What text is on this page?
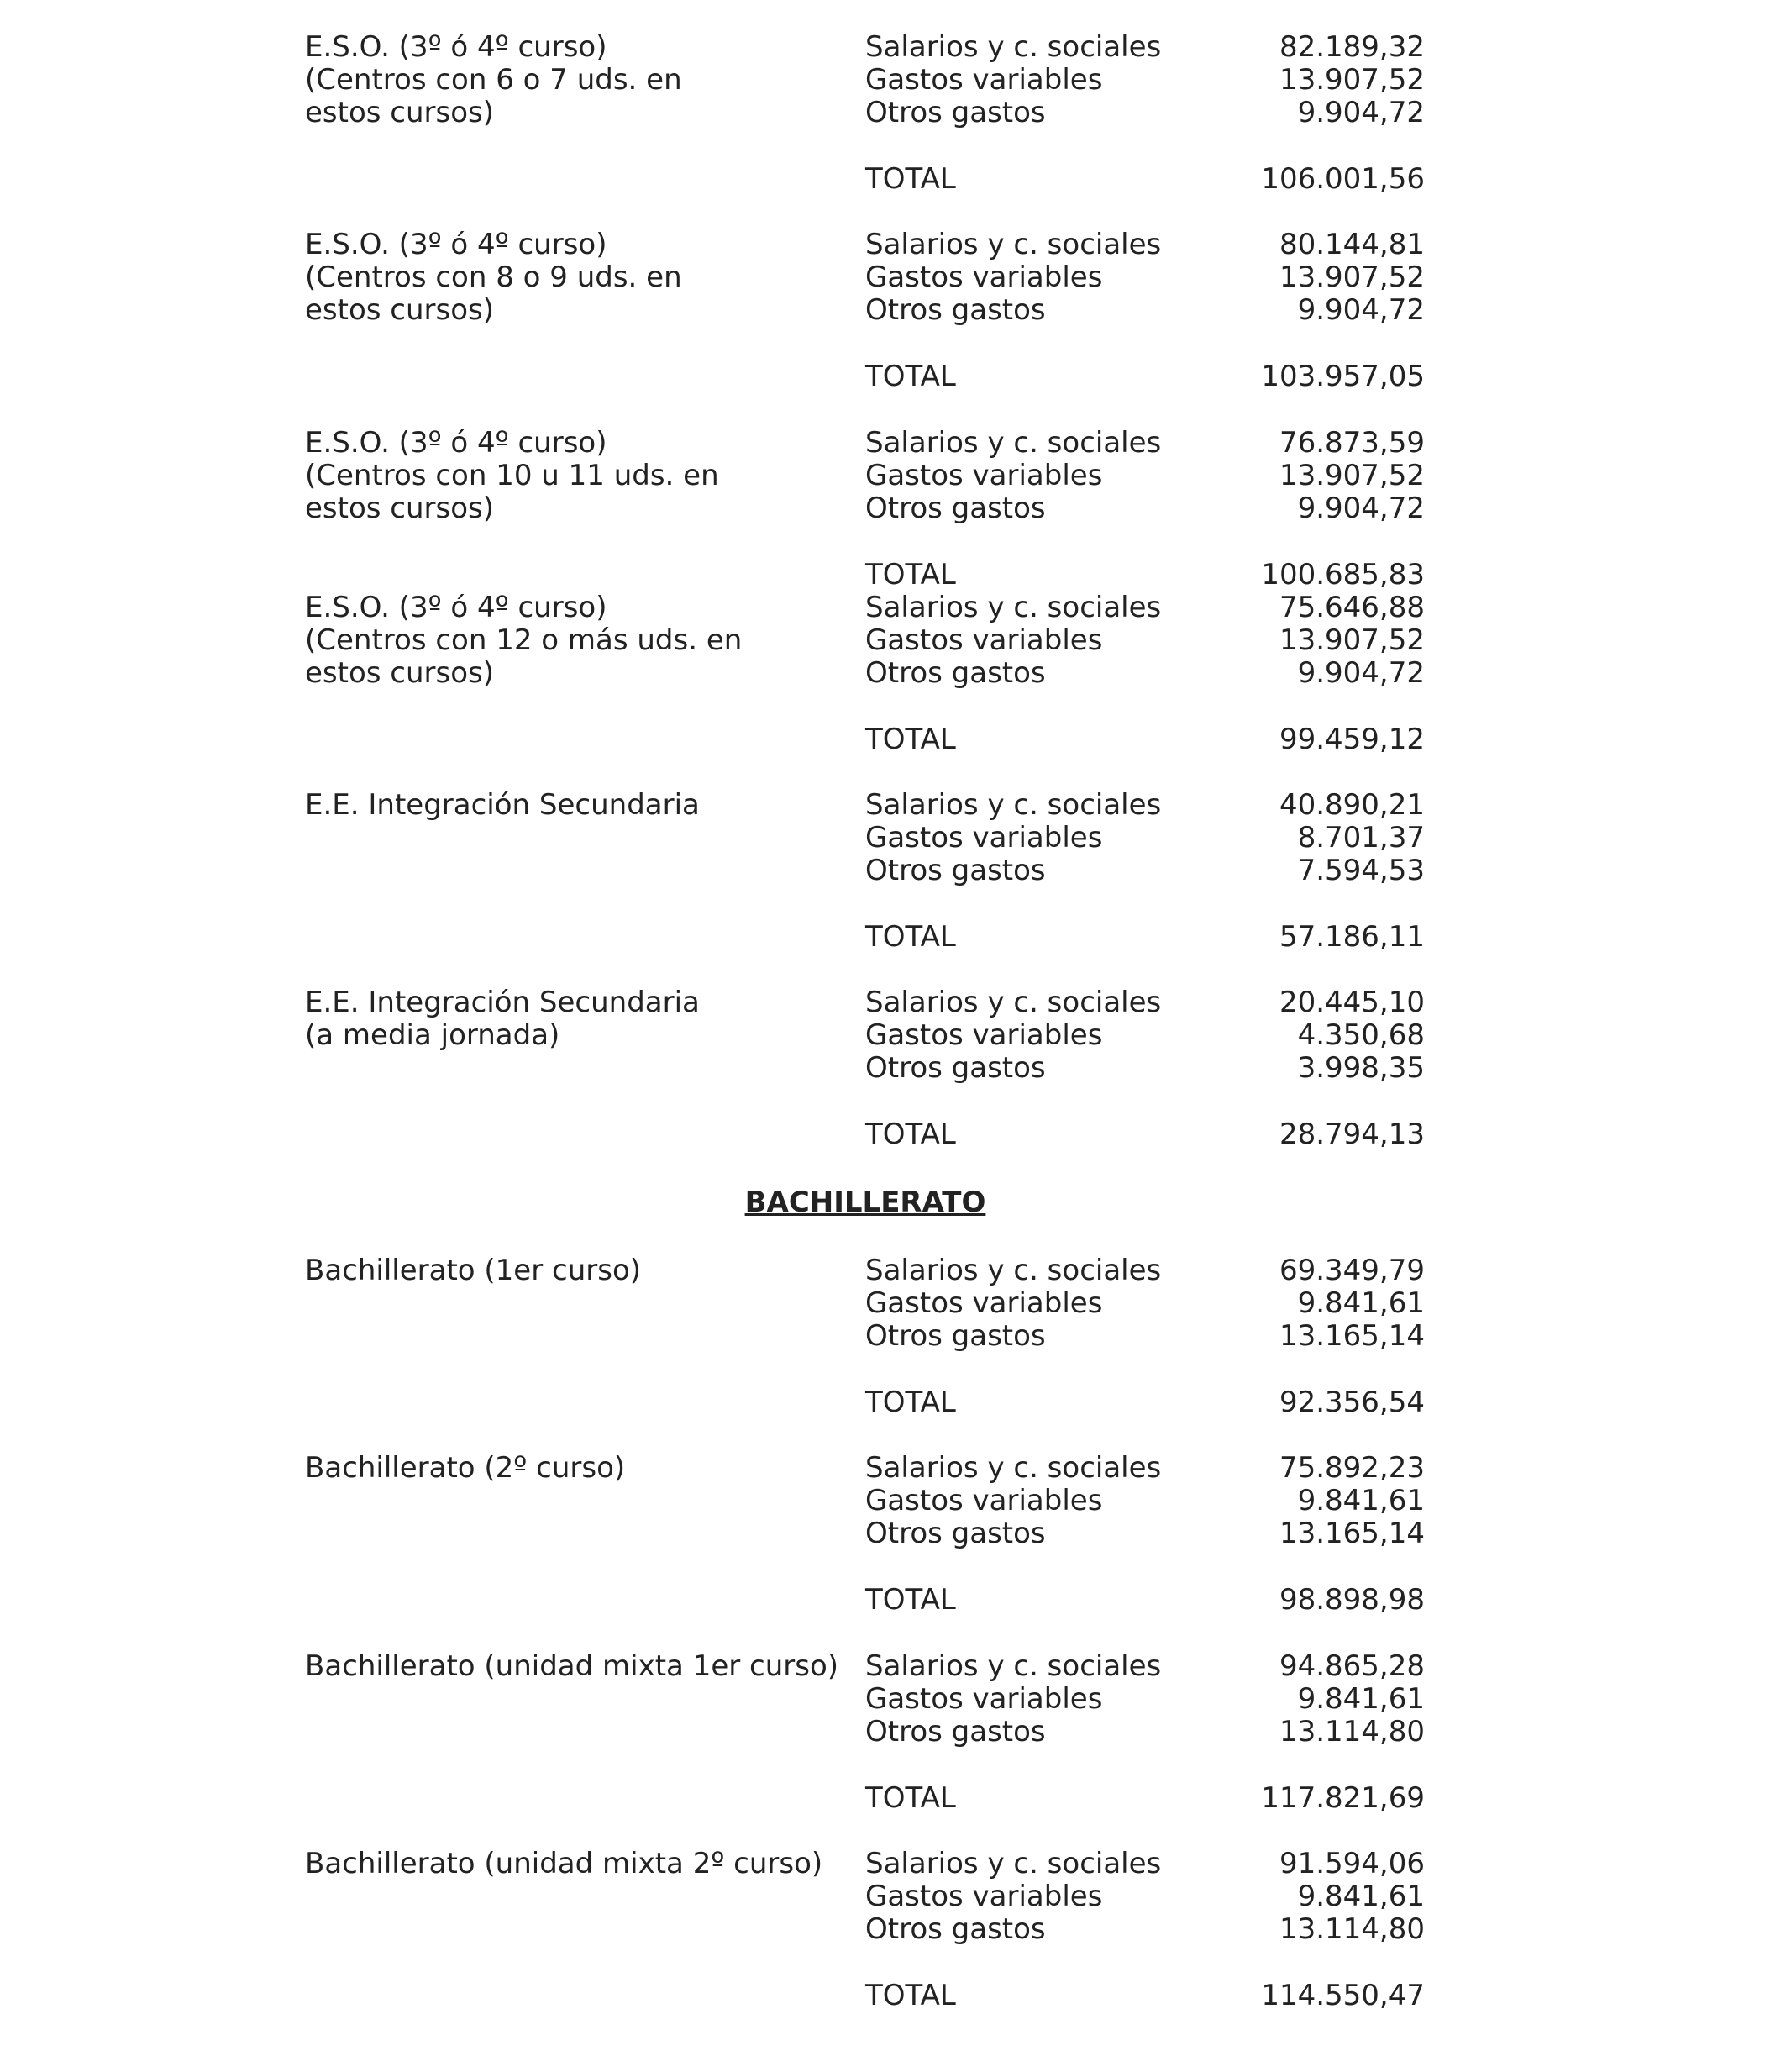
E.S.O. (3º ó 4º curso)
(Centros con 6 o 7 uds. en
estos cursos)
Salarios y c. sociales	82.189,32
Gastos variables	13.907,52
Otros gastos	9.904,72
TOTAL	106.001,56
E.S.O. (3º ó 4º curso)
(Centros con 8 o 9 uds. en
estos cursos)
Salarios y c. sociales	80.144,81
Gastos variables	13.907,52
Otros gastos	9.904,72
TOTAL	103.957,05
E.S.O. (3º ó 4º curso)
(Centros con 10 u 11 uds. en
estos cursos)
Salarios y c. sociales	76.873,59
Gastos variables	13.907,52
Otros gastos	9.904,72
TOTAL	100.685,83
E.S.O. (3º ó 4º curso)
(Centros con 12 o más uds. en
estos cursos)
Salarios y c. sociales	75.646,88
Gastos variables	13.907,52
Otros gastos	9.904,72
TOTAL	99.459,12
E.E. Integración Secundaria	Salarios y c. sociales	40.890,21
Gastos variables	8.701,37
Otros gastos	7.594,53
TOTAL	57.186,11
E.E. Integración Secundaria
(a media jornada)
Salarios y c. sociales	20.445,10
Gastos variables	4.350,68
Otros gastos	3.998,35
TOTAL	28.794,13
BACHILLERATO
Bachillerato (1er curso)	Salarios y c. sociales	69.349,79
Gastos variables	9.841,61
Otros gastos	13.165,14
TOTAL	92.356,54
Bachillerato (2º curso)	Salarios y c. sociales	75.892,23
Gastos variables	9.841,61
Otros gastos	13.165,14
TOTAL	98.898,98
Bachillerato (unidad mixta 1er curso) Salarios y c. sociales	94.865,28
Gastos variables	9.841,61
Otros gastos	13.114,80
TOTAL	117.821,69
Bachillerato (unidad mixta 2º curso) Salarios y c. sociales	91.594,06
Gastos variables	9.841,61
Otros gastos	13.114,80
TOTAL	114.550,47
